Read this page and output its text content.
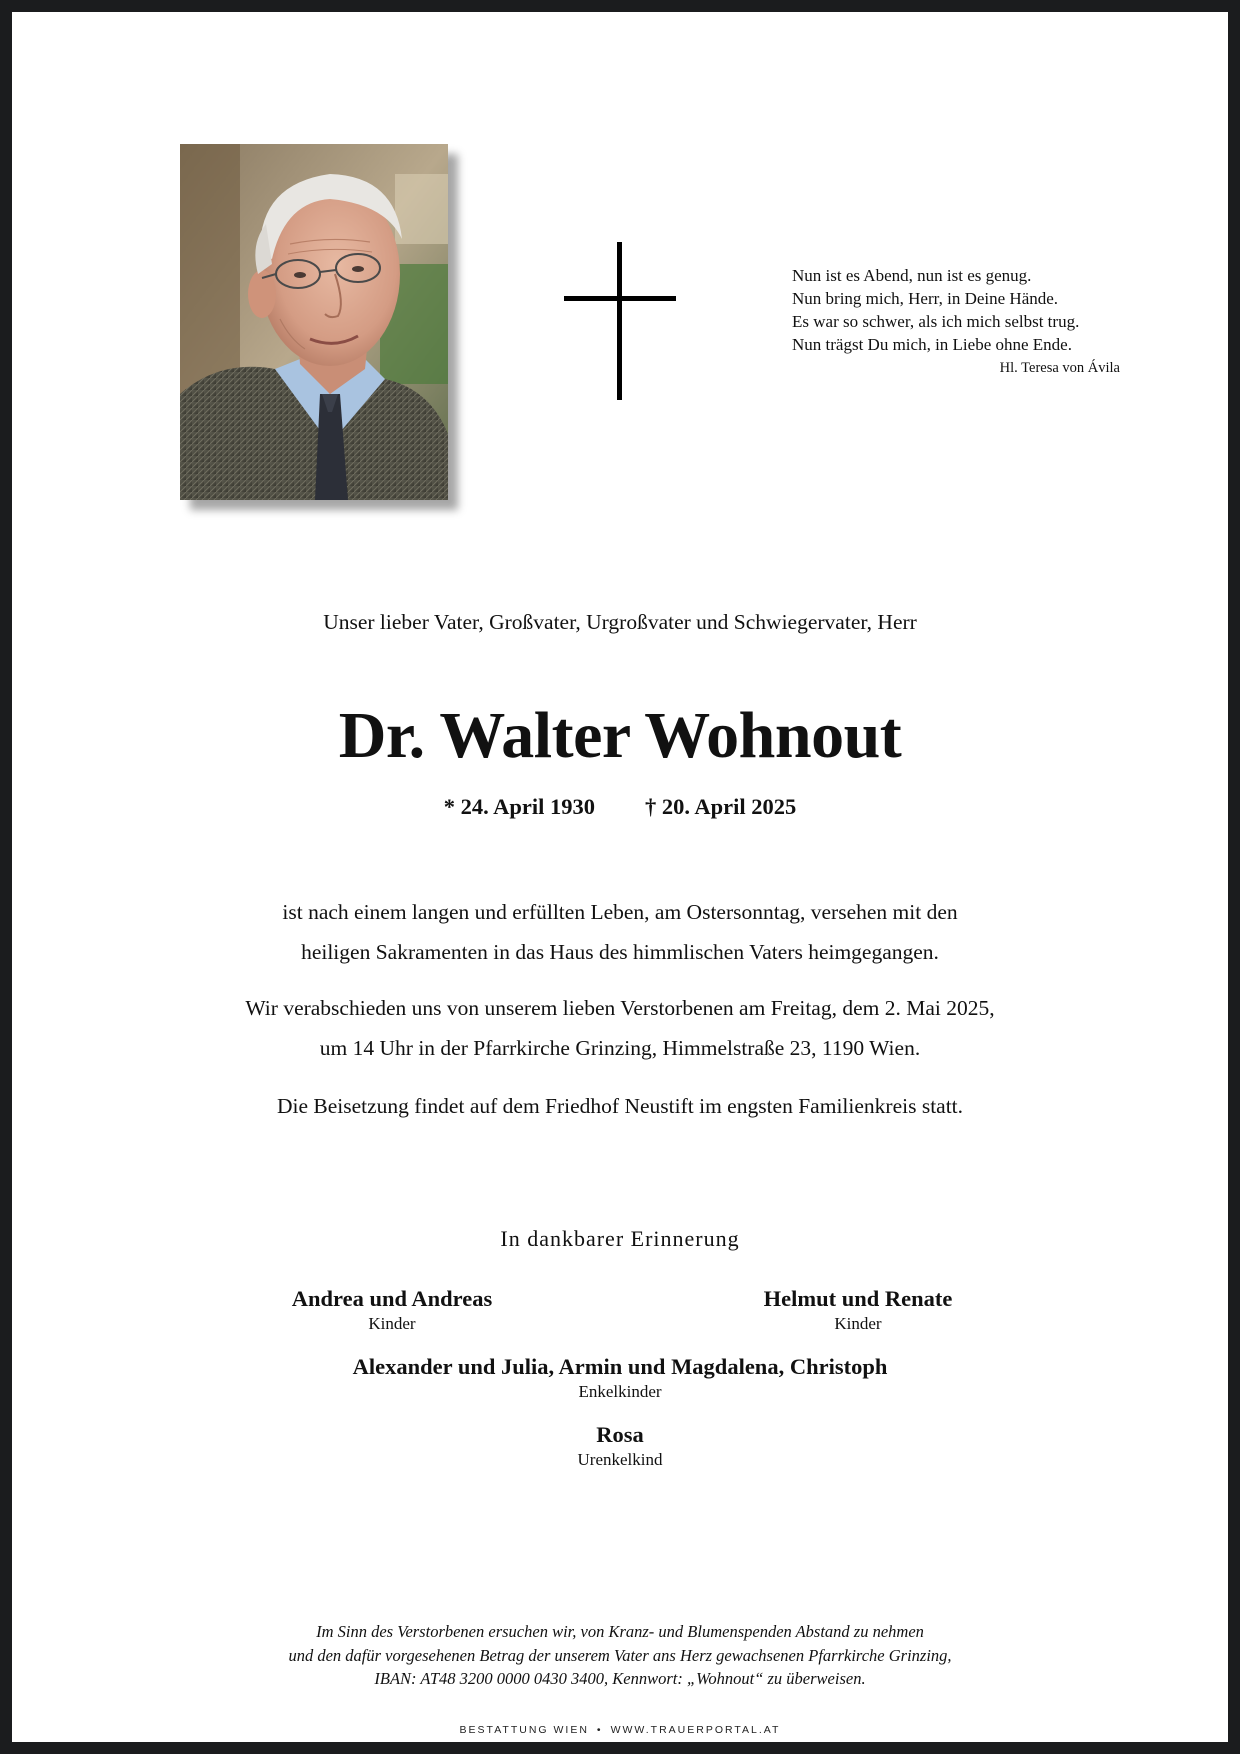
Nun ist es Abend, nun ist es genug.
Nun bring mich, Herr, in Deine Hände.
Es war so schwer, als ich mich selbst trug.
Nun trägst Du mich, in Liebe ohne Ende.
Hl. Teresa von Ávila
Unser lieber Vater, Großvater, Urgroßvater und Schwiegervater, Herr
Dr. Walter Wohnout
* 24. April 1930 † 20. April 2025
ist nach einem langen und erfüllten Leben, am Ostersonntag, versehen mit den
heiligen Sakramenten in das Haus des himmlischen Vaters heimgegangen.
Wir verabschieden uns von unserem lieben Verstorbenen am Freitag, dem 2. Mai 2025,
um 14 Uhr in der Pfarrkirche Grinzing, Himmelstraße 23, 1190 Wien.
Die Beisetzung findet auf dem Friedhof Neustift im engsten Familienkreis statt.
In dankbarer Erinnerung
Andrea und Andreas
Kinder
Helmut und Renate
Kinder
Alexander und Julia, Armin und Magdalena, Christoph
Enkelkinder
Rosa
Urenkelkind
Im Sinn des Verstorbenen ersuchen wir, von Kranz- und Blumenspenden Abstand zu nehmen
und den dafür vorgesehenen Betrag der unserem Vater ans Herz gewachsenen Pfarrkirche Grinzing,
IBAN: AT48 3200 0000 0430 3400, Kennwort: „Wohnout“ zu überweisen.
BESTATTUNG WIEN • WWW.TRAUERPORTAL.AT
